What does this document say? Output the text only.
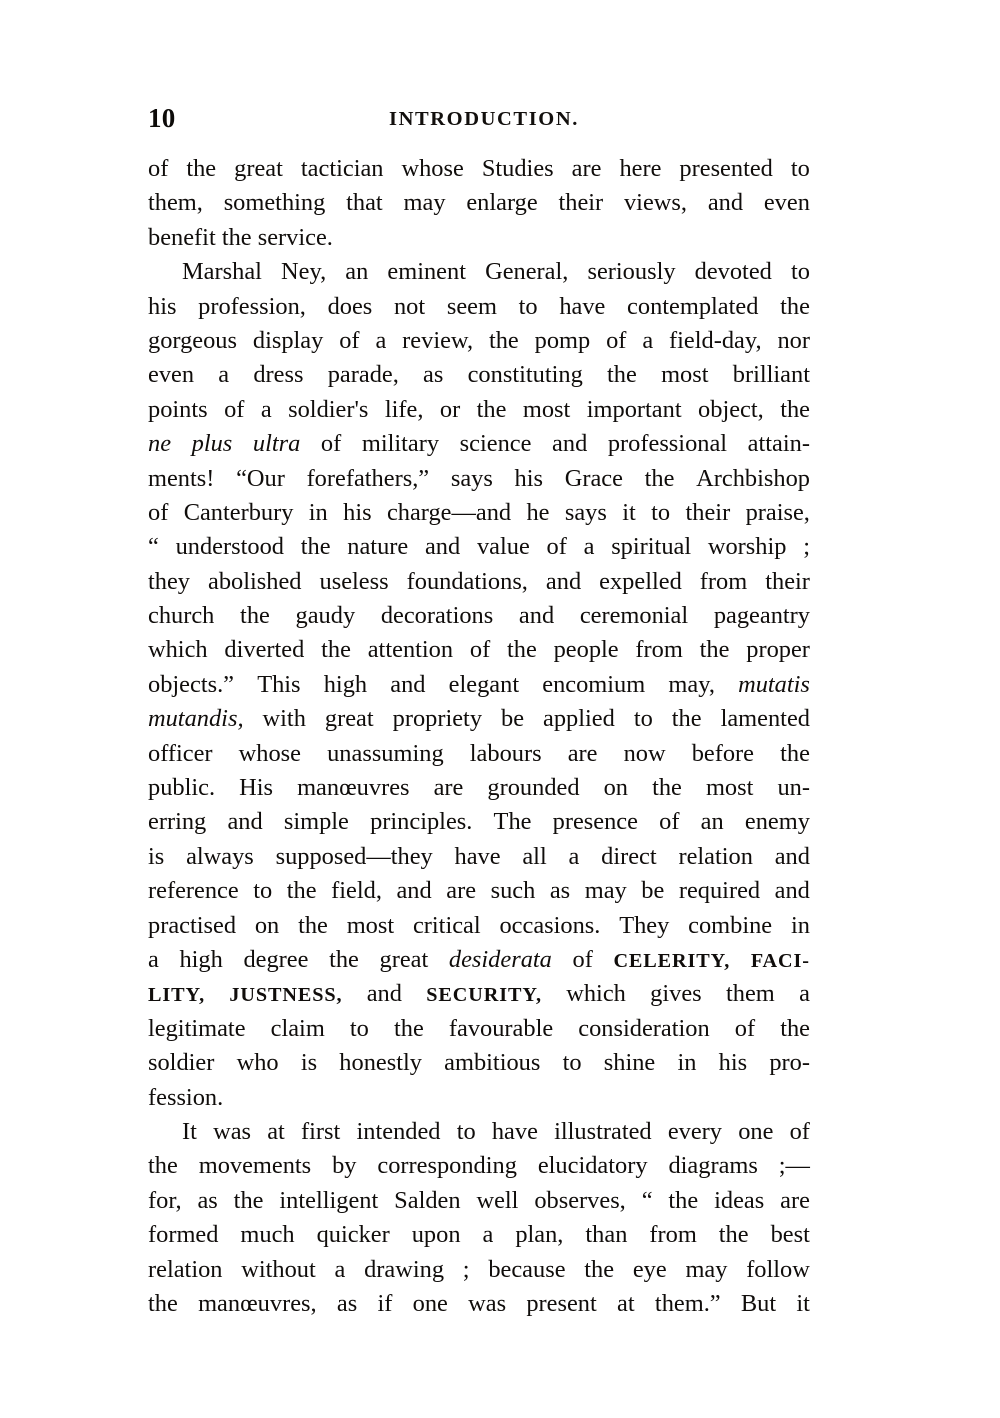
10	INTRODUCTION.
of the great tactician whose Studies are here presented to
them, something that may enlarge their views, and even
benefit the service.
Marshal Ney, an eminent General, seriously devoted to
his profession, does not seem to have contemplated the
gorgeous display of a review, the pomp of a field-day, nor
even a dress parade, as constituting the most brilliant
points of a soldier's life, or the most important object, the
ne plus ultra of military science and professional attain-
ments! “Our forefathers,” says his Grace the Archbishop
of Canterbury in his charge—and he says it to their praise,
“ understood the nature and value of a spiritual worship ;
they abolished useless foundations, and expelled from their
church the gaudy decorations and ceremonial pageantry
which diverted the attention of the people from the proper
objects.” This high and elegant encomium may, mutatis
mutandis, with great propriety be applied to the lamented
officer whose unassuming labours are now before the
public. His manœuvres are grounded on the most un-
erring and simple principles. The presence of an enemy
is always supposed—they have all a direct relation and
reference to the field, and are such as may be required and
practised on the most critical occasions. They combine in
a high degree the great desiderata of CELERITY, FACI-
LITY, JUSTNESS, and SECURITY, which gives them a
legitimate claim to the favourable consideration of the
soldier who is honestly ambitious to shine in his pro-
fession.
It was at first intended to have illustrated every one of
the movements by corresponding elucidatory diagrams ;—
for, as the intelligent Salden well observes, “ the ideas are
formed much quicker upon a plan, than from the best
relation without a drawing ; because the eye may follow
the manœuvres, as if one was present at them.” But it
